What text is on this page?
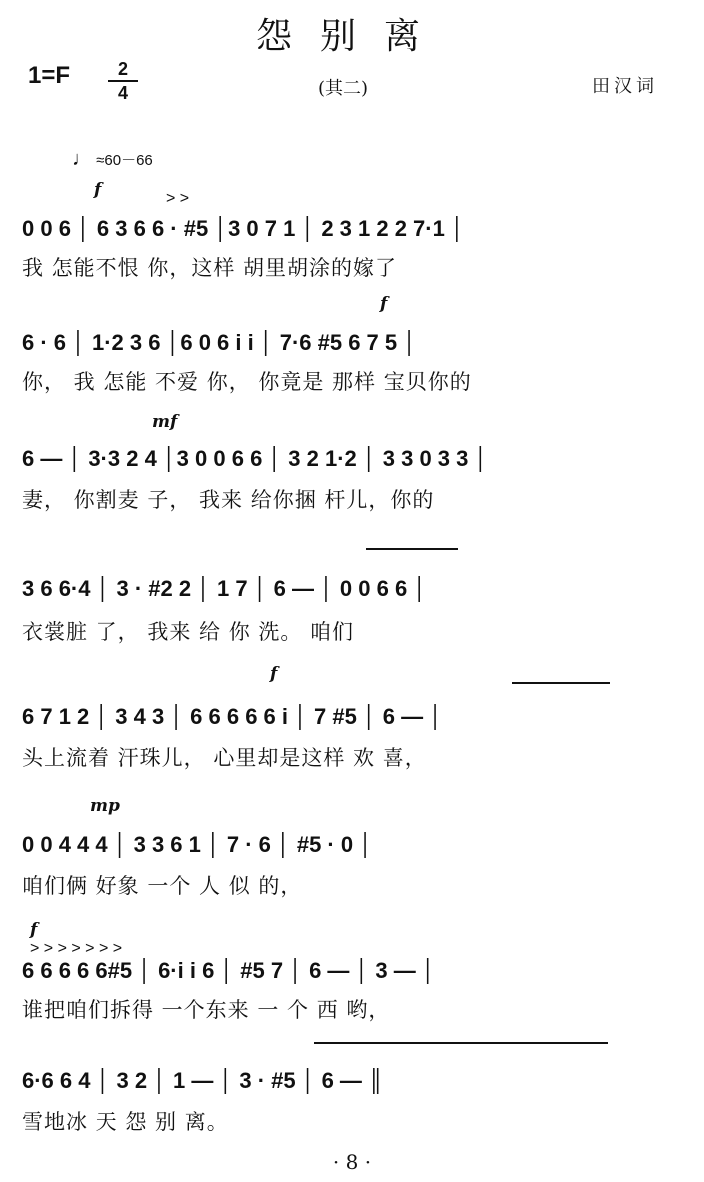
怨别离
1=F	2
4	(其二)	田汉词
♩ ≈60－66
f	> >
0 0 6 │ 6 3 6 6 · #5 │3 0 7 1 │ 2 3 1 2 2 7·1 │
我 怎能不恨 你，这样 胡里胡涂的嫁了
f
6 · 6 │ 1·2 3 6 │6 0 6 i i │ 7·6 #5 6 7 5 │
你， 我 怎能 不爱 你， 你竟是 那样 宝贝你的
mf
6 — │ 3·3 2 4 │3 0 0 6 6 │ 3 2 1·2 │ 3 3 0 3 3 │
妻， 你割麦 子， 我来 给你捆 杆儿，你的
3 6 6·4 │ 3 · #2 2 │ 1 7 │ 6 — │ 0 0 6 6 │
衣裳脏 了， 我来 给 你 洗。 咱们
f
6 7 1 2 │ 3 4 3 │ 6 6 6 6 6 i │ 7 #5 │ 6 — │
头上流着 汗珠儿， 心里却是这样 欢 喜，
mp
0 0 4 4 4 │ 3 3 6 1 │ 7 · 6 │ #5 · 0 │
咱们俩 好象 一个 人 似 的，
f
> > > > > > >
6 6 6 6 6#5 │ 6·i i 6 │ #5 7 │ 6 — │ 3 — │
谁把咱们拆得 一个东来 一 个 西 哟，
6·6 6 4 │ 3 2 │ 1 — │ 3 · #5 │ 6 — ║
雪地冰 天 怨 别 离。
· 8 ·
